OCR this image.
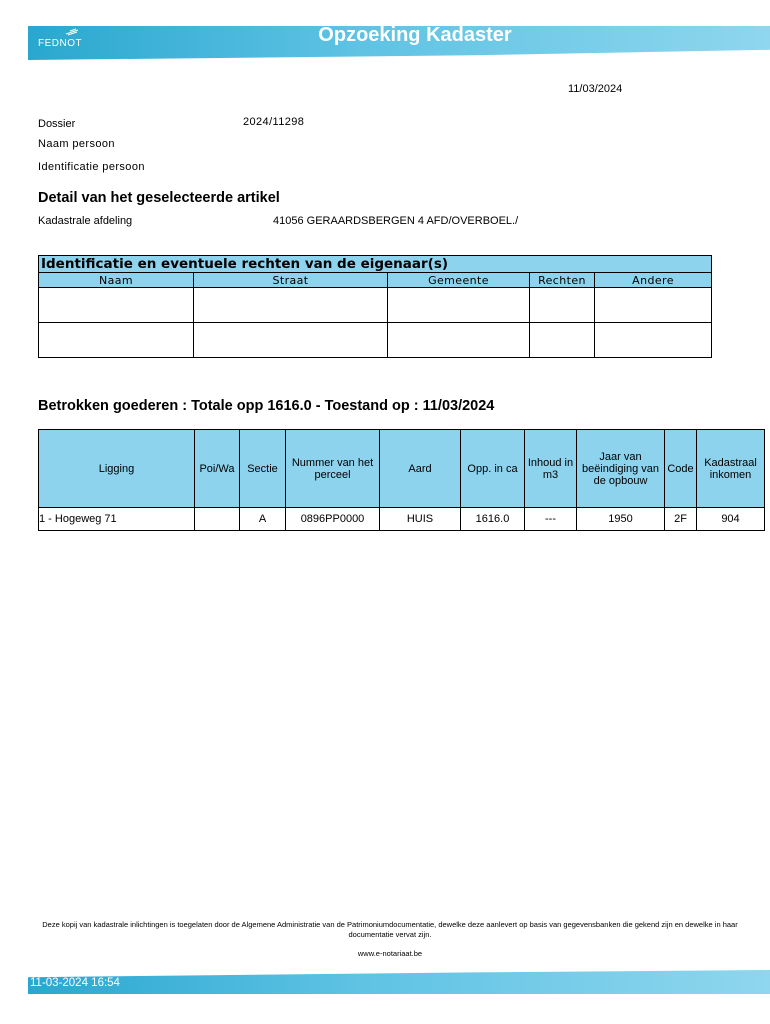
FEDNOT	Opzoeking Kadaster
11/03/2024
Dossier	2024/11298
Naam persoon
Identificatie persoon
Detail van het geselecteerde artikel
Kadastrale afdeling	41056 GERAARDSBERGEN 4 AFD/OVERBOEL./
Identificatie en eventuele rechten van de eigenaar(s)				
Naam	Straat	Gemeente	Rechten	Andere

Betrokken goederen : Totale opp 1616.0 - Toestand op : 11/03/2024
Ligging	Poi/Wa	Sectie	Nummer van het perceel	Aard	Opp. in ca	Inhoud in m3	Jaar van beëindiging van de opbouw	Code	Kadastraal inkomen
1 - Hogeweg 71		A	0896PP0000	HUIS	1616.0	---	1950	2F	904
Deze kopij van kadastrale inlichtingen is toegelaten door de Algemene Administratie van de Patrimoniumdocumentatie, dewelke deze aanlevert op basis van gegevensbanken die gekend zijn en dewelke in haar documentatie vervat zijn.
www.e-notariaat.be
11-03-2024 16:54
